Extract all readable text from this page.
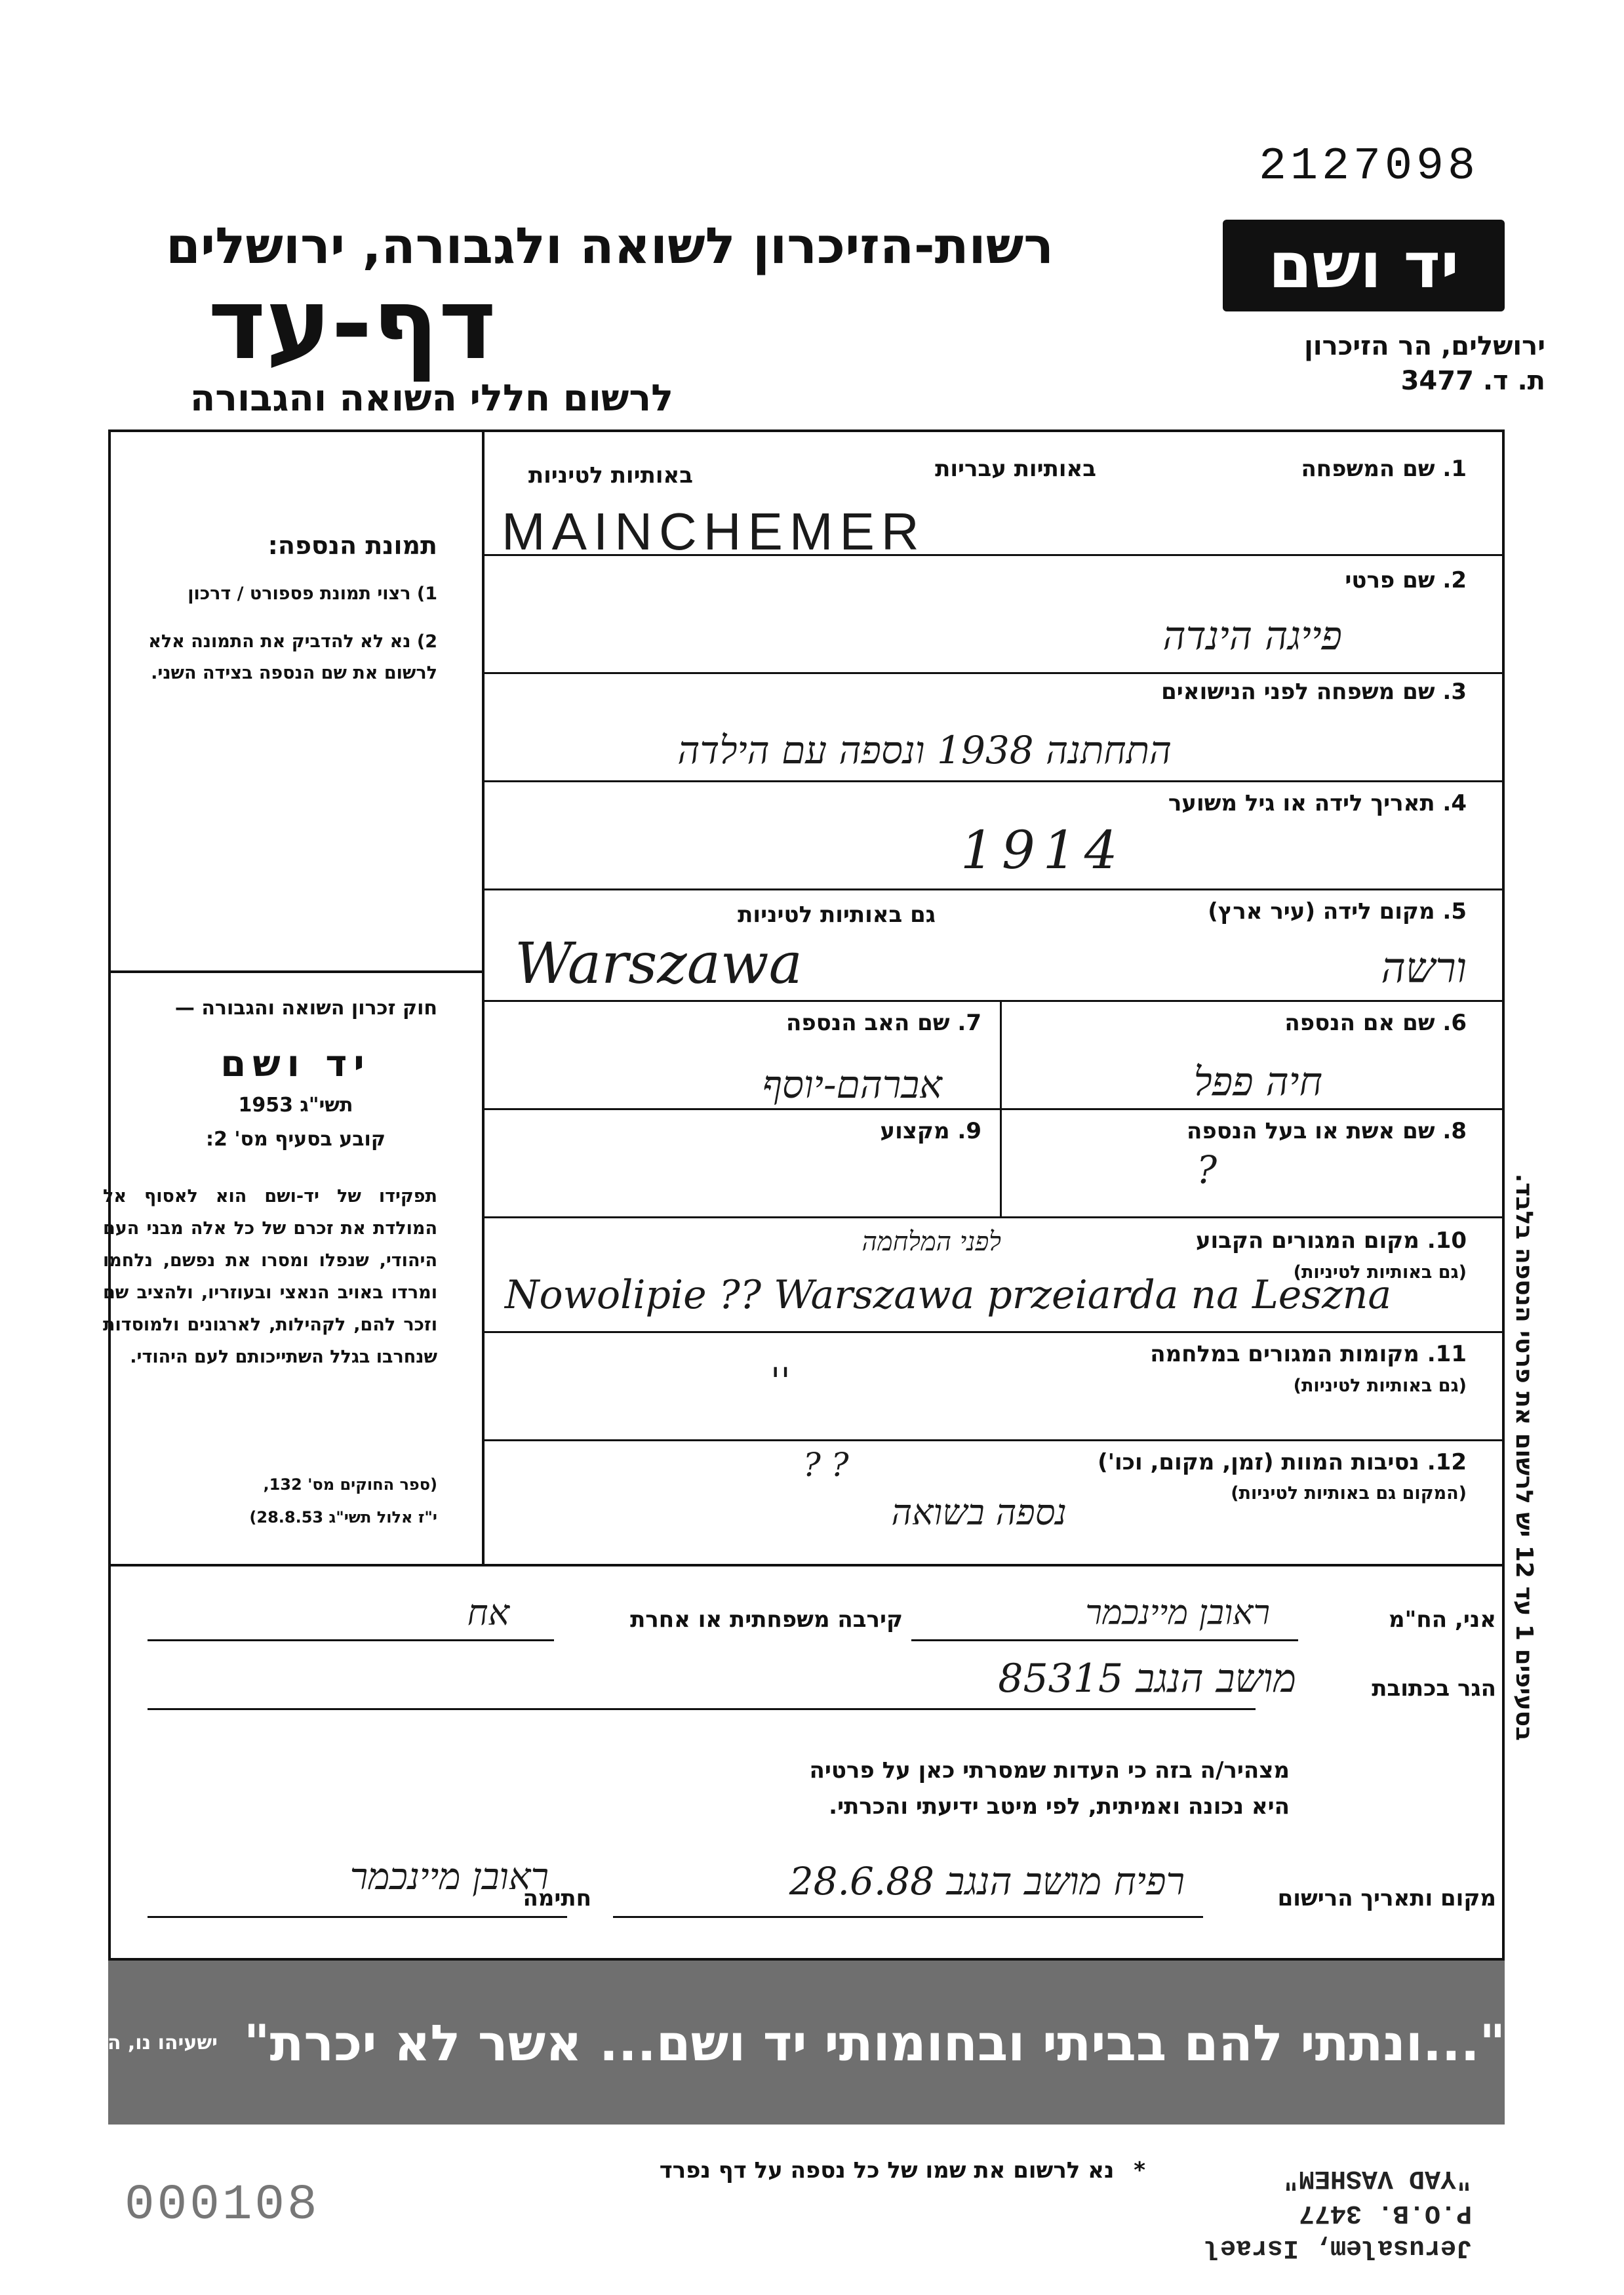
2127098
רשות-הזיכרון לשואה ולגבורה, ירושלים
דף-עד
לרשום חללי השואה והגבורה
יד ושם
ירושלים, הר הזיכרון
ת. ד. 3477
תמונת הנספה:
1) רצוי תמונת פספורט / דרכון
2) נא לא להדביק את התמונה אלא לרשום את שם הנספה בצידה השני.
חוק זכרון השואה והגבורה —
יד ושם
תשי"ג 1953
קובע בסעיף מס' 2:
תפקידו של יד-ושם הוא לאסוף אל המולדת את זכרם של כל אלה מבני העם היהודי, שנפלו ומסרו את נפשם, נלחמו ומרדו באויב הנאצי ובעוזריו, ולהציב שם וזכר להם, לקהילות, לארגונים ולמוסדות שנחרבו בגלל השתייכותם לעם היהודי.
(ספר החוקים מס' 132,
י"ז אלול תשי"ג 28.8.53)
1. שם המשפחה
באותיות עבריות
באותיות לטיניות
MAINCHEMER
2. שם פרטי
פייגה הינדה
3. שם משפחה לפני הנישואים
התחתנה 1938 ונספה עם הילדה
4. תאריך לידה או גיל משוער
1914
5. מקום לידה (עיר ארץ)
גם באותיות לטיניות
Warszawa	ורשה
6. שם אם הנספה
חיה פפל
7. שם האב הנספה
אברהם-יוסף
8. שם אשת או בעל הנספה
?
9. מקצוע
10. מקום המגורים הקבוע
(גם באותיות לטיניות)
לפני המלחמה
Nowolipie ?? Warszawa przeiarda na Leszna
11. מקומות המגורים במלחמה
(גם באותיות לטיניות)
''
12. נסיבות המוות (זמן, מקום, וכו')
(המקום גם באותיות לטיניות)
? ?
נספה בשואה	בסעיפים 1 עד 12 יש לרשום את פרטי הנספה בלבד.
אני, הח"מ
ראובן מיינכמר
קירבה משפחתית או אחרת
אח
הגר בכתובת
מושב הנגב 85315
מצהיר/ה בזה כי העדות שמסרתי כאן על פרטיה
היא נכונה ואמיתית, לפי מיטב ידיעתי והכרתי.
מקום ותאריך הרישום
רפיח מושב הנגב 28.6.88
חתימה
ראובן מיינכמר
"...ונתתי להם בביתי ובחומותי יד ושם... אשר לא יכרת"
ישעיהו נו, ה
* נא לרשום את שמו של כל נספה על דף נפרד
Jerusalem, Israel
P.O.B. 3477
"YAD VASHEM"
000108
